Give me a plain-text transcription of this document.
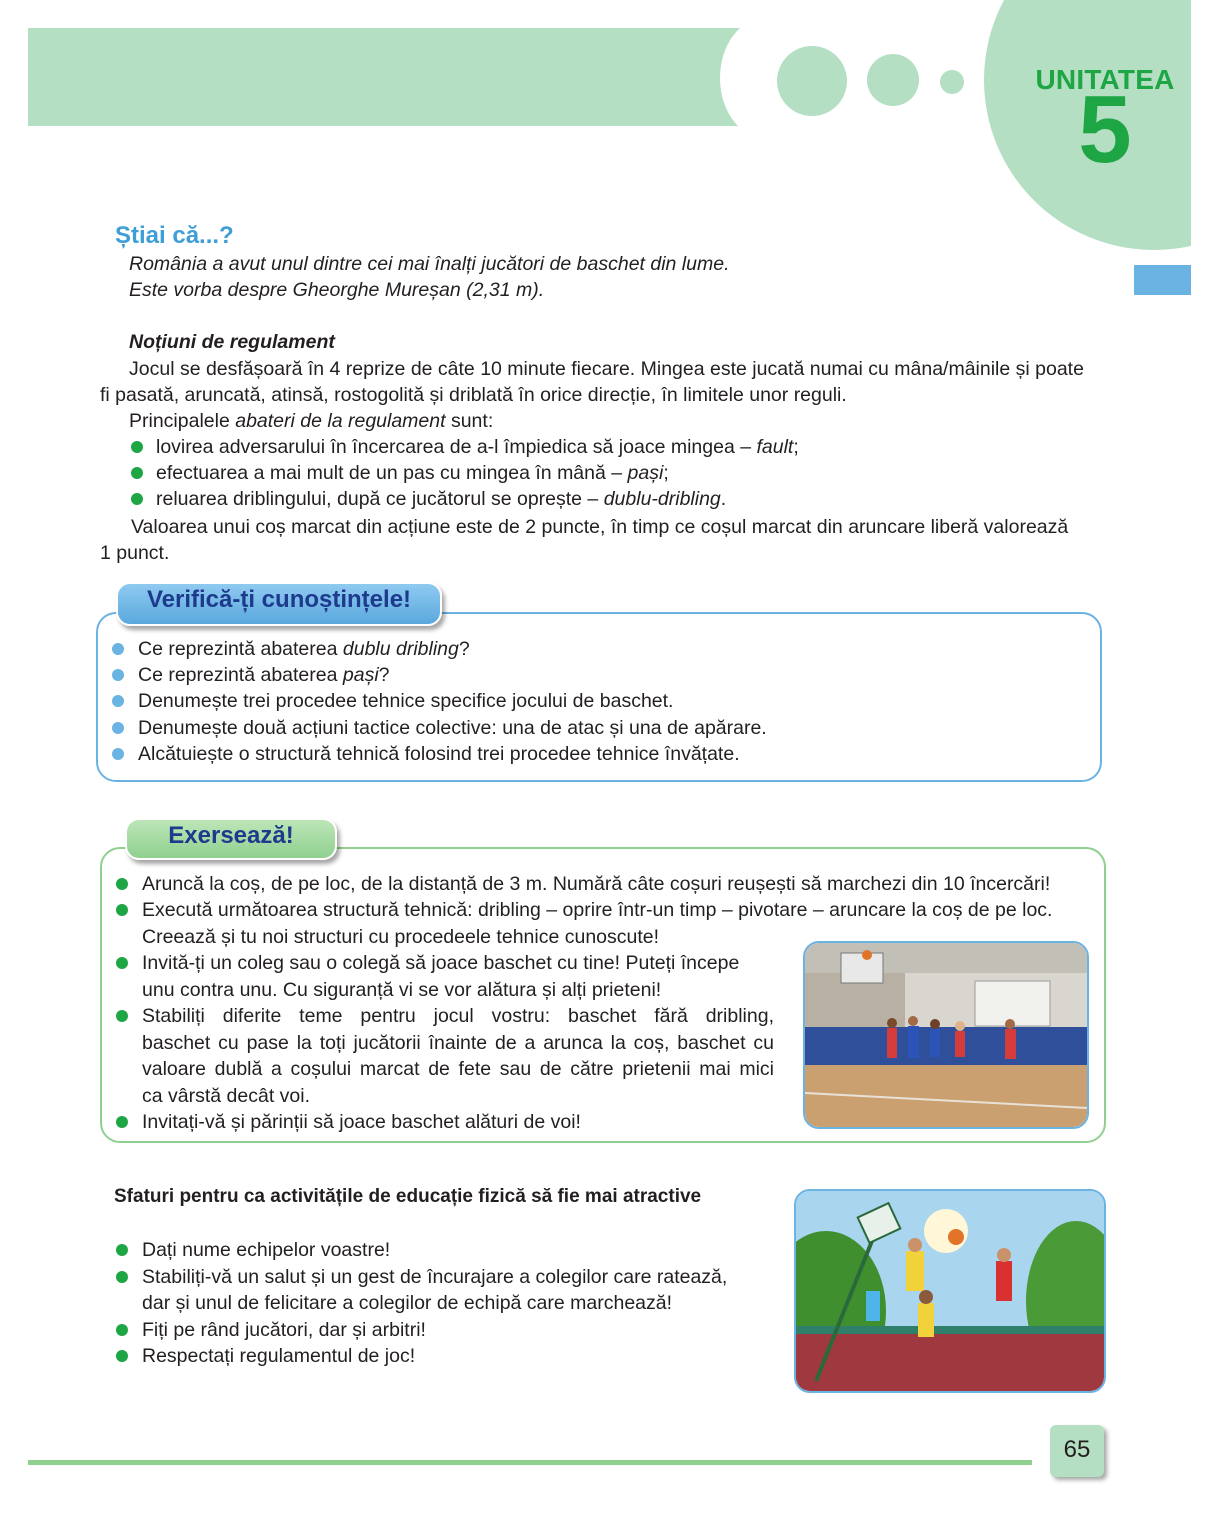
UNITATEA
5
Știai că...?
România a avut unul dintre cei mai înalți jucători de baschet din lume.
Este vorba despre Gheorghe Mureșan (2,31 m).
Noțiuni de regulament
Jocul se desfășoară în 4 reprize de câte 10 minute fiecare. Mingea este jucată numai cu mâna/mâinile și poate
fi pasată, aruncată, atinsă, rostogolită și driblată în orice direcție, în limitele unor reguli.
Principalele abateri de la regulament sunt:
lovirea adversarului în încercarea de a-l împiedica să joace mingea – fault;
efectuarea a mai mult de un pas cu mingea în mână – pași;
reluarea driblingului, după ce jucătorul se oprește – dublu-dribling.
Valoarea unui coș marcat din acțiune este de 2 puncte, în timp ce coșul marcat din aruncare liberă valorează
1 punct.
Verifică-ți cunoștințele!
Ce reprezintă abaterea dublu dribling?
Ce reprezintă abaterea pași?
Denumește trei procedee tehnice specifice jocului de baschet.
Denumește două acțiuni tactice colective: una de atac și una de apărare.
Alcătuiește o structură tehnică folosind trei procedee tehnice învățate.
Exersează!
Aruncă la coș, de pe loc, de la distanță de 3 m. Numără câte coșuri reușești să marchezi din 10 încercări!
Execută următoarea structură tehnică: dribling – oprire într-un timp – pivotare – aruncare la coș de pe loc.
Creează și tu noi structuri cu procedeele tehnice cunoscute!
Invită-ți un coleg sau o colegă să joace baschet cu tine! Puteți începe
unu contra unu. Cu siguranță vi se vor alătura și alți prieteni!
Stabiliți diferite teme pentru jocul vostru: baschet fără dribling,
baschet cu pase la toți jucătorii înainte de a arunca la coș, baschet cu
valoare dublă a coșului marcat de fete sau de către prietenii mai mici
ca vârstă decât voi.
Invitați-vă și părinții să joace baschet alături de voi!
Sfaturi pentru ca activitățile de educație fizică să fie mai atractive
Dați nume echipelor voastre!
Stabiliți-vă un salut și un gest de încurajare a colegilor care ratează,
dar și unul de felicitare a colegilor de echipă care marchează!
Fiți pe rând jucători, dar și arbitri!
Respectați regulamentul de joc!
65
